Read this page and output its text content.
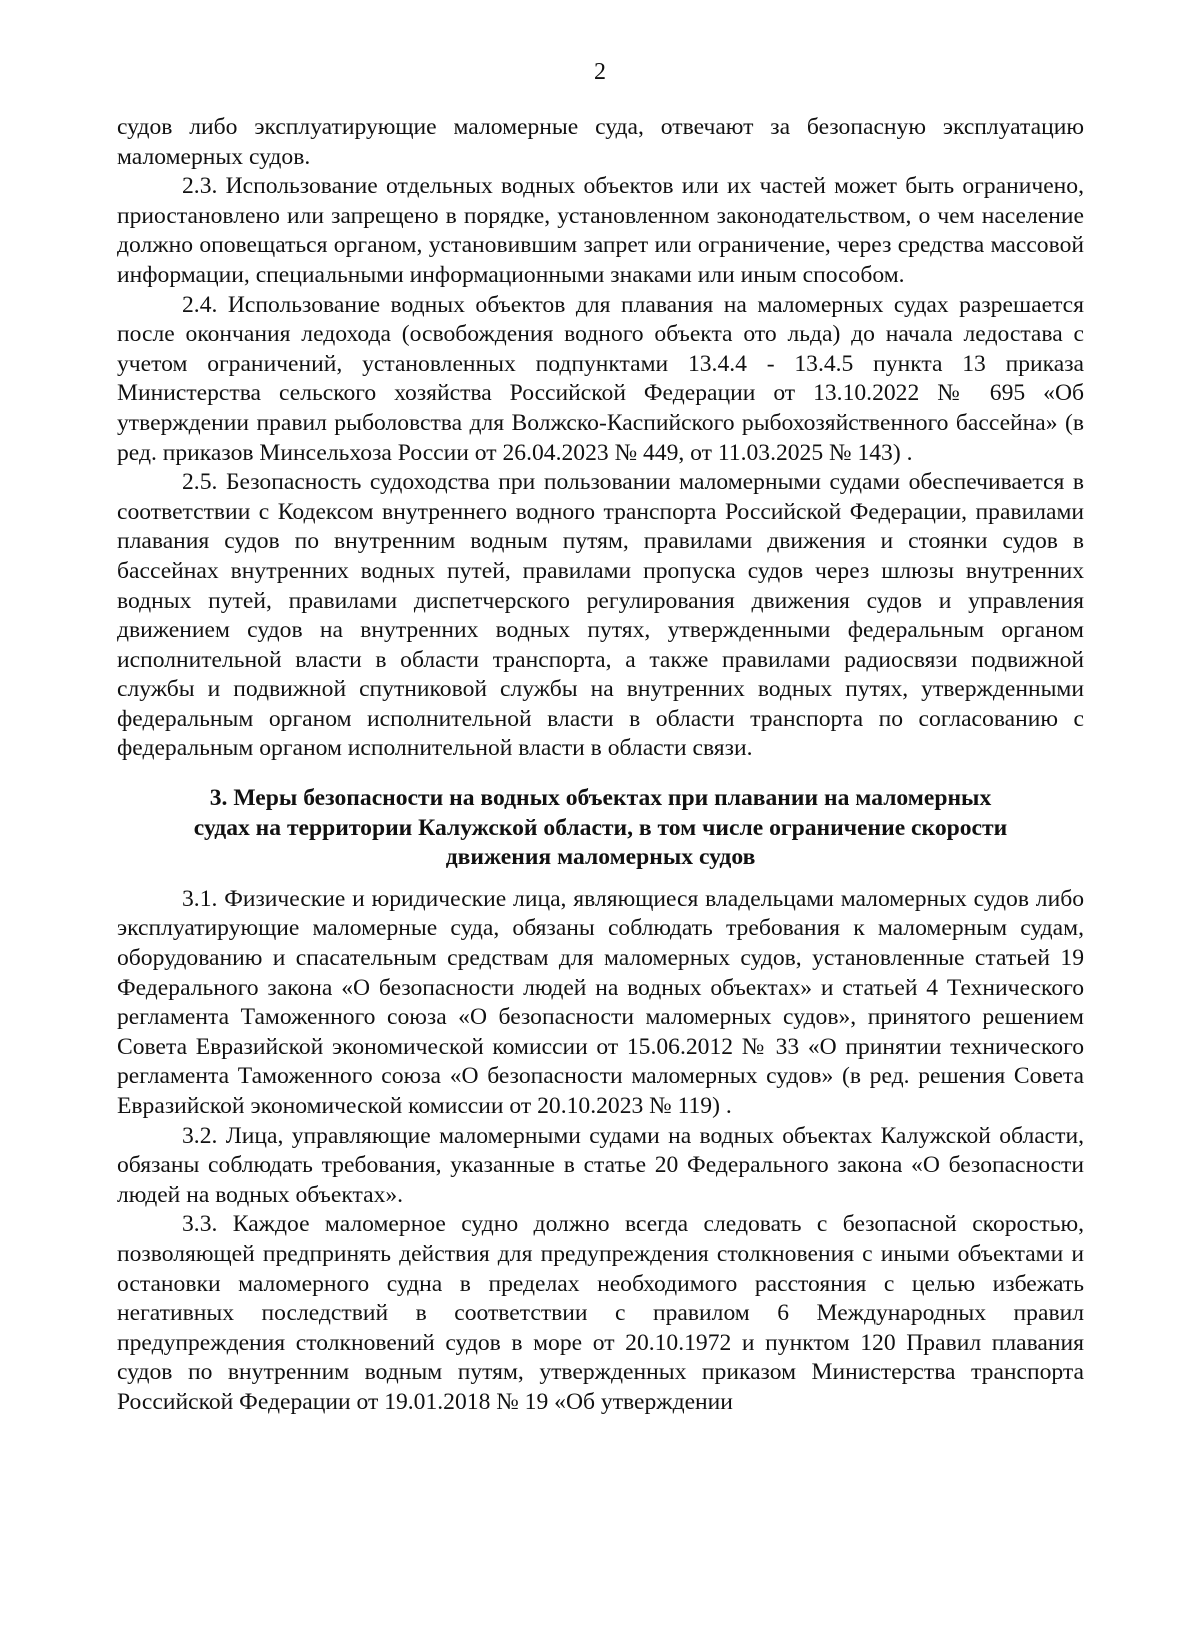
2

судов либо эксплуатирующие маломерные суда, отвечают за безопасную эксплуатацию маломерных судов.

2.3. Использование отдельных водных объектов или их частей может быть ограничено, приостановлено или запрещено в порядке, установленном законодательством, о чем население должно оповещаться органом, установившим запрет или ограничение, через средства массовой информации, специальными информационными знаками или иным способом.

2.4. Использование водных объектов для плавания на маломерных судах разрешается после окончания ледохода (освобождения водного объекта ото льда) до начала ледостава с учетом ограничений, установленных подпунктами 13.4.4 - 13.4.5 пункта 13 приказа Министерства сельского хозяйства Российской Федерации от 13.10.2022 № 695 «Об утверждении правил рыболовства для Волжско-Каспийского рыбохозяйственного бассейна» (в ред. приказов Минсельхоза России от 26.04.2023 № 449, от 11.03.2025 № 143) .

2.5. Безопасность судоходства при пользовании маломерными судами обеспечивается в соответствии с Кодексом внутреннего водного транспорта Российской Федерации, правилами плавания судов по внутренним водным путям, правилами движения и стоянки судов в бассейнах внутренних водных путей, правилами пропуска судов через шлюзы внутренних водных путей, правилами диспетчерского регулирования движения судов и управления движением судов на внутренних водных путях, утвержденными федеральным органом исполнительной власти в области транспорта, а также правилами радиосвязи подвижной службы и подвижной спутниковой службы на внутренних водных путях, утвержденными федеральным органом исполнительной власти в области транспорта по согласованию с федеральным органом исполнительной власти в области связи.

3. Меры безопасности на водных объектах при плавании на маломерных
судах на территории Калужской области, в том числе ограничение скорости
движения маломерных судов

3.1. Физические и юридические лица, являющиеся владельцами маломерных судов либо эксплуатирующие маломерные суда, обязаны соблюдать требования к маломерным судам, оборудованию и спасательным средствам для маломерных судов, установленные статьей 19 Федерального закона «О безопасности людей на водных объектах» и статьей 4 Технического регламента Таможенного союза «О безопасности маломерных судов», принятого решением Совета Евразийской экономической комиссии от 15.06.2012 № 33 «О принятии технического регламента Таможенного союза «О безопасности маломерных судов» (в ред. решения Совета Евразийской экономической комиссии от 20.10.2023 № 119) .

3.2. Лица, управляющие маломерными судами на водных объектах Калужской области, обязаны соблюдать требования, указанные в статье 20 Федерального закона «О безопасности людей на водных объектах».

3.3. Каждое маломерное судно должно всегда следовать с безопасной скоростью, позволяющей предпринять действия для предупреждения столкновения с иными объектами и остановки маломерного судна в пределах необходимого расстояния с целью избежать негативных последствий в соответствии с правилом 6 Международных правил предупреждения столкновений судов в море от 20.10.1972 и пунктом 120 Правил плавания судов по внутренним водным путям, утвержденных приказом Министерства транспорта Российской Федерации от 19.01.2018 № 19 «Об утверждении
